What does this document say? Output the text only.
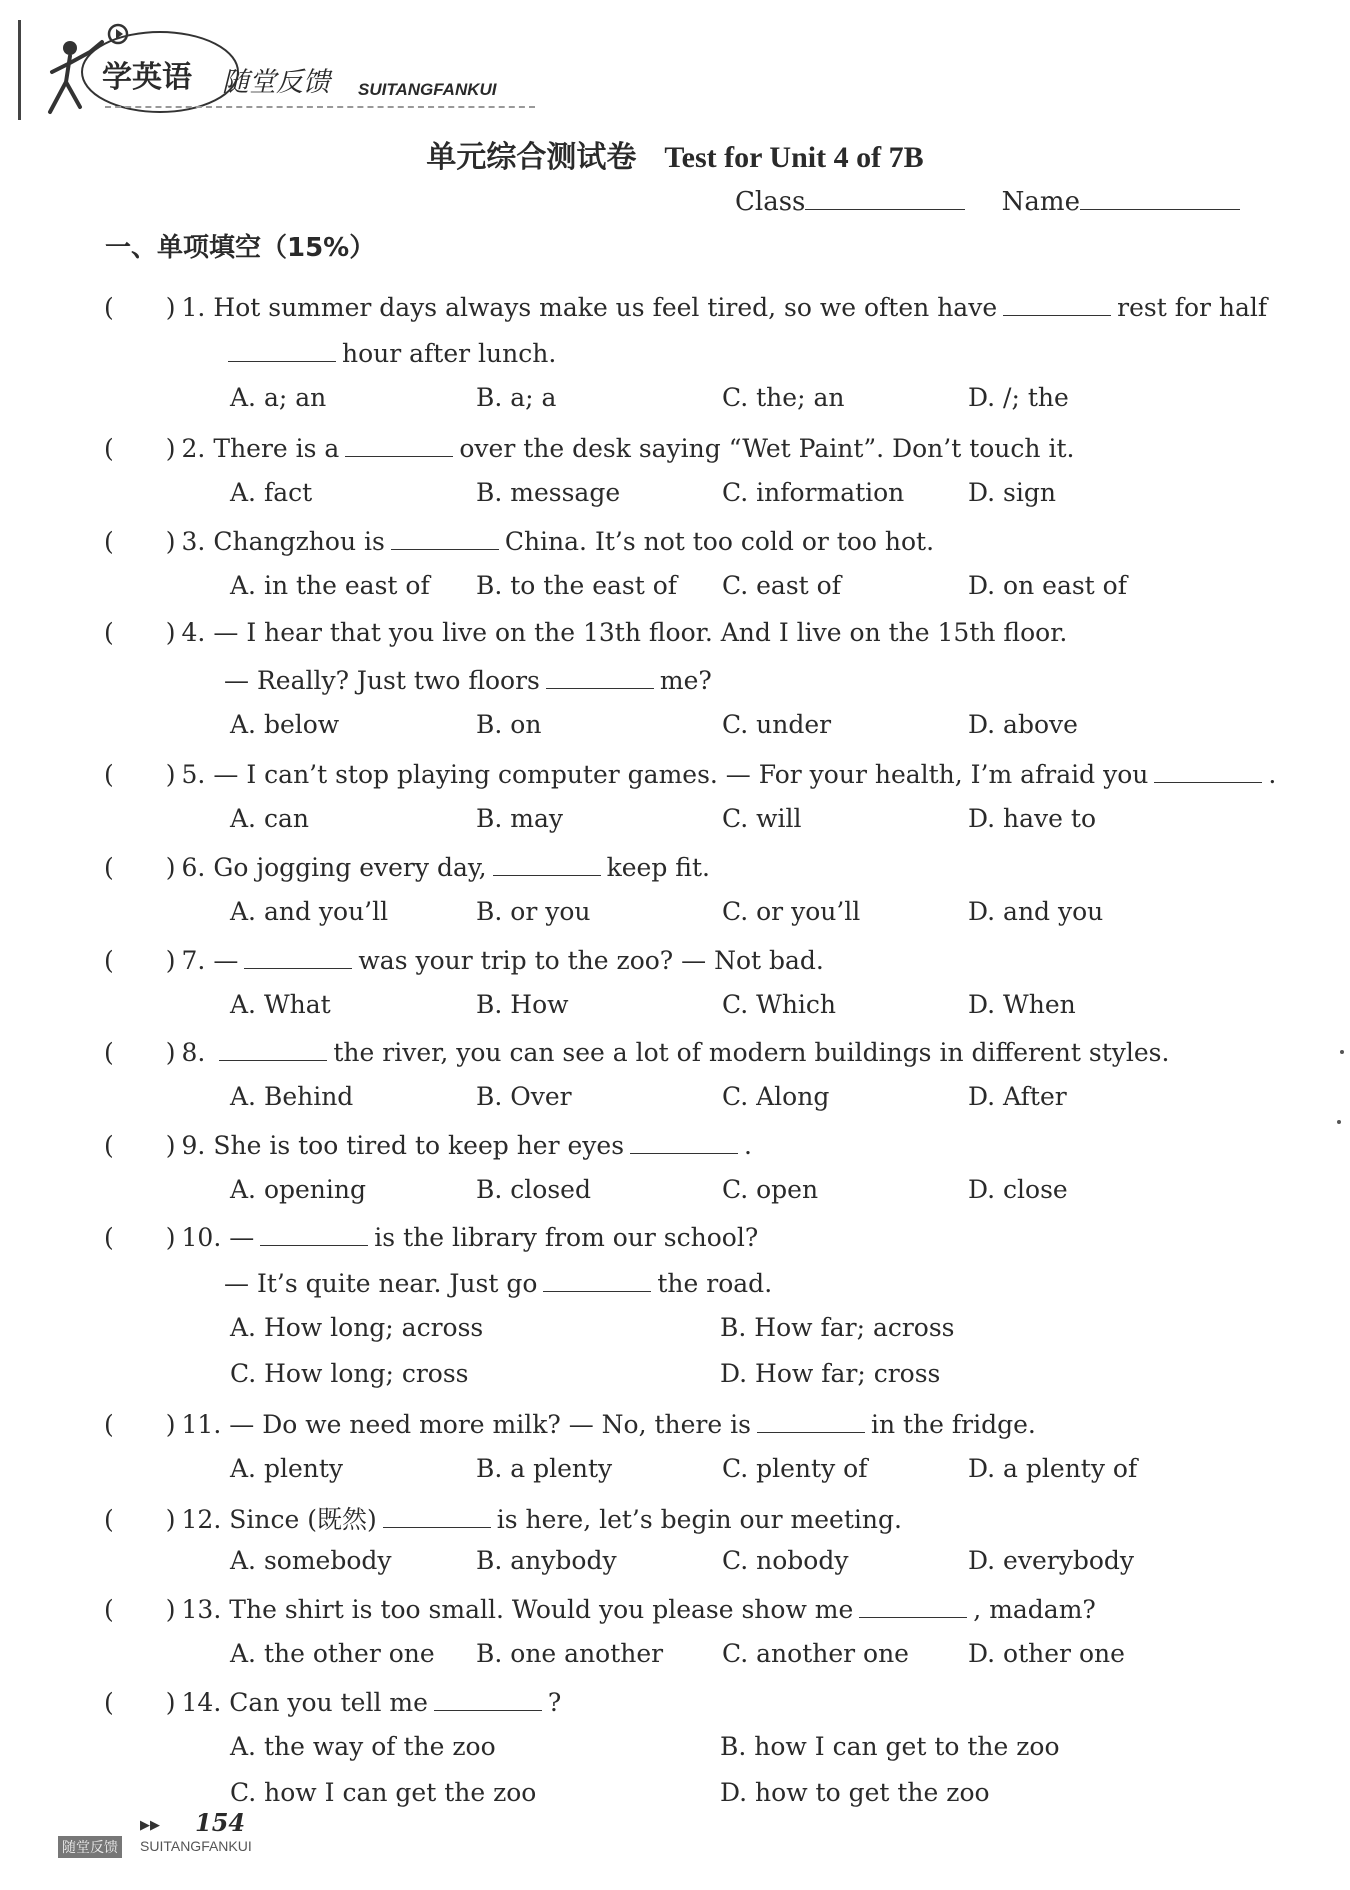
学英语 随堂反馈 SUITANGFANKUI
单元综合测试卷 Test for Unit 4 of 7B
Class	Name
一、单项填空（15%）
( ) 1. Hot summer days always make us feel tired, so we often have	rest for half
hour after lunch.
A. a; an	B. a; a	C. the; an	D. /; the
( ) 2. There is a	over the desk saying “Wet Paint”. Don’t touch it.
A. fact	B. message	C. information	D. sign
( ) 3. Changzhou is	China. It’s not too cold or too hot.
A. in the east of B. to the east of C. east of	D. on east of
( ) 4. — I hear that you live on the 13th floor. And I live on the 15th floor.
— Really? Just two floors	me?
A. below	B. on	C. under	D. above
( ) 5. — I can’t stop playing computer games. — For your health, I’m afraid you	.
A. can	B. may	C. will	D. have to
( ) 6. Go jogging every day,	keep fit.
A. and you’ll	B. or you	C. or you’ll	D. and you
( ) 7. —	was your trip to the zoo? — Not bad.
A. What	B. How	C. Which	D. When
( ) 8.	the river, you can see a lot of modern buildings in different styles.
A. Behind	B. Over	C. Along	D. After
( ) 9. She is too tired to keep her eyes	.
A. opening	B. closed	C. open	D. close
( ) 10. —	is the library from our school?
— It’s quite near. Just go	the road.
A. How long; across	B. How far; across
C. How long; cross	D. How far; cross
( ) 11. — Do we need more milk? — No, there is	in the fridge.
A. plenty	B. a plenty	C. plenty of	D. a plenty of
( ) 12. Since (既然)	is here, let’s begin our meeting.
A. somebody	B. anybody	C. nobody	D. everybody
( ) 13. The shirt is too small. Would you please show me	, madam?
A. the other one B. one another C. another one D. other one
( ) 14. Can you tell me	?
A. the way of the zoo	B. how I can get to the zoo
C. how I can get the zoo	D. how to get the zoo
▶▶ 154
随堂反馈 SUITANGFANKUI
